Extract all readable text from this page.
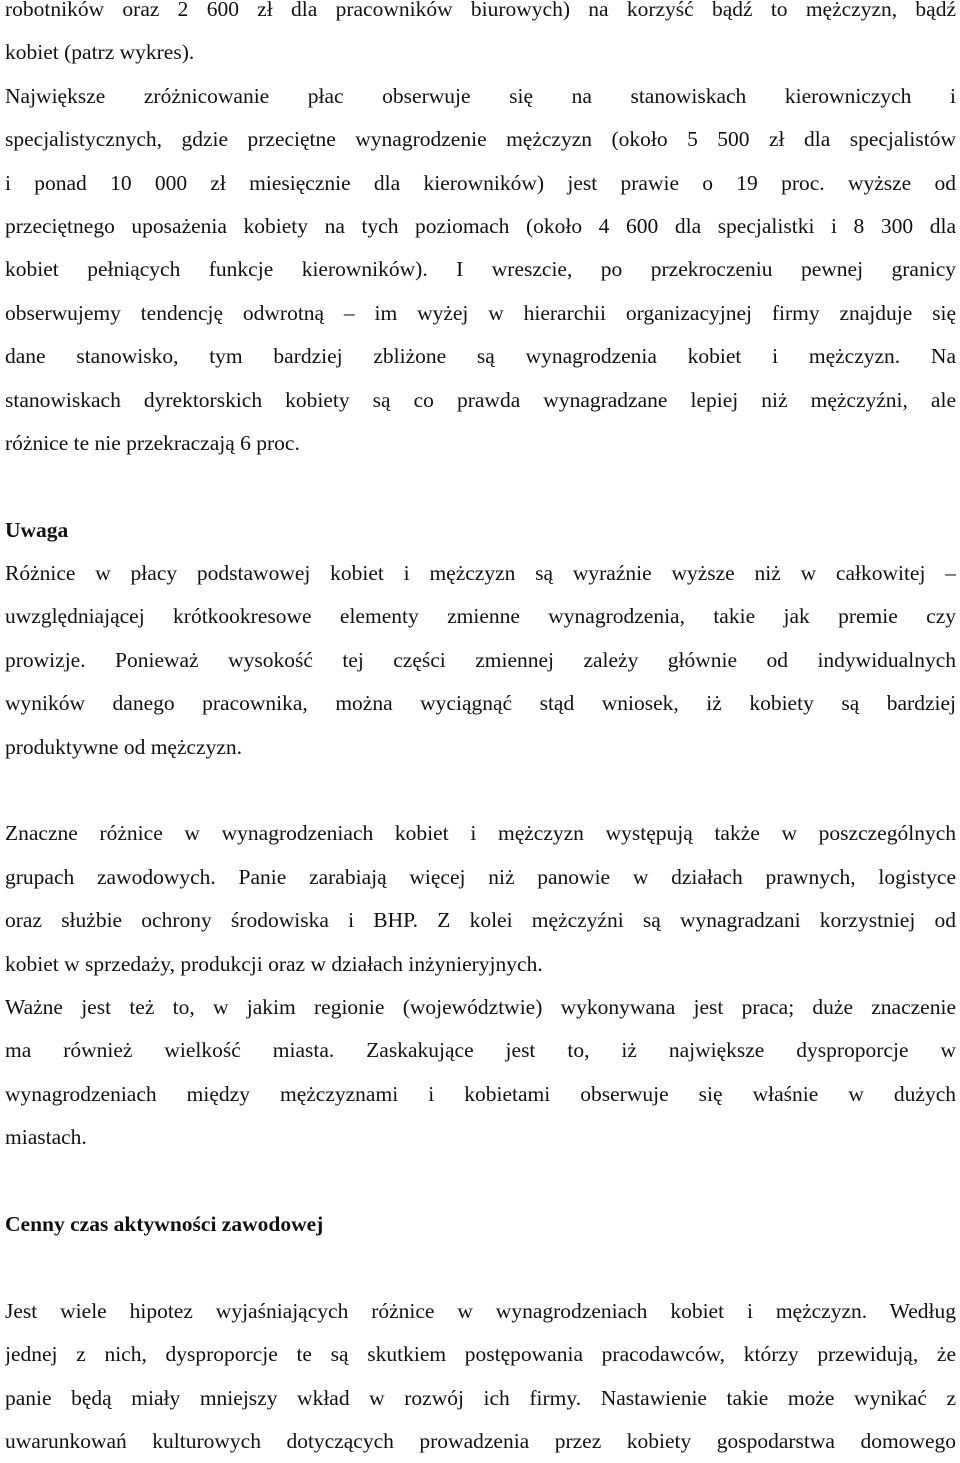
robotników oraz 2 600 zł dla pracowników biurowych) na korzyść bądź to mężczyzn, bądź
kobiet (patrz wykres).
Największe zróżnicowanie płac obserwuje się na stanowiskach kierowniczych i
specjalistycznych, gdzie przeciętne wynagrodzenie mężczyzn (około 5 500 zł dla specjalistów
i ponad 10 000 zł miesięcznie dla kierowników) jest prawie o 19 proc. wyższe od
przeciętnego uposażenia kobiety na tych poziomach (około 4 600 dla specjalistki i 8 300 dla
kobiet pełniących funkcje kierowników). I wreszcie, po przekroczeniu pewnej granicy
obserwujemy tendencję odwrotną – im wyżej w hierarchii organizacyjnej firmy znajduje się
dane stanowisko, tym bardziej zbliżone są wynagrodzenia kobiet i mężczyzn. Na
stanowiskach dyrektorskich kobiety są co prawda wynagradzane lepiej niż mężczyźni, ale
różnice te nie przekraczają 6 proc.
Uwaga
Różnice w płacy podstawowej kobiet i mężczyzn są wyraźnie wyższe niż w całkowitej –
uwzględniającej krótkookresowe elementy zmienne wynagrodzenia, takie jak premie czy
prowizje. Ponieważ wysokość tej części zmiennej zależy głównie od indywidualnych
wyników danego pracownika, można wyciągnąć stąd wniosek, iż kobiety są bardziej
produktywne od mężczyzn.
Znaczne różnice w wynagrodzeniach kobiet i mężczyzn występują także w poszczególnych
grupach zawodowych. Panie zarabiają więcej niż panowie w działach prawnych, logistyce
oraz służbie ochrony środowiska i BHP. Z kolei mężczyźni są wynagradzani korzystniej od
kobiet w sprzedaży, produkcji oraz w działach inżynieryjnych.
Ważne jest też to, w jakim regionie (województwie) wykonywana jest praca; duże znaczenie
ma również wielkość miasta. Zaskakujące jest to, iż największe dysproporcje w
wynagrodzeniach między mężczyznami i kobietami obserwuje się właśnie w dużych
miastach.
Cenny czas aktywności zawodowej
Jest wiele hipotez wyjaśniających różnice w wynagrodzeniach kobiet i mężczyzn. Według
jednej z nich, dysproporcje te są skutkiem postępowania pracodawców, którzy przewidują, że
panie będą miały mniejszy wkład w rozwój ich firmy. Nastawienie takie może wynikać z
uwarunkowań kulturowych dotyczących prowadzenia przez kobiety gospodarstwa domowego
